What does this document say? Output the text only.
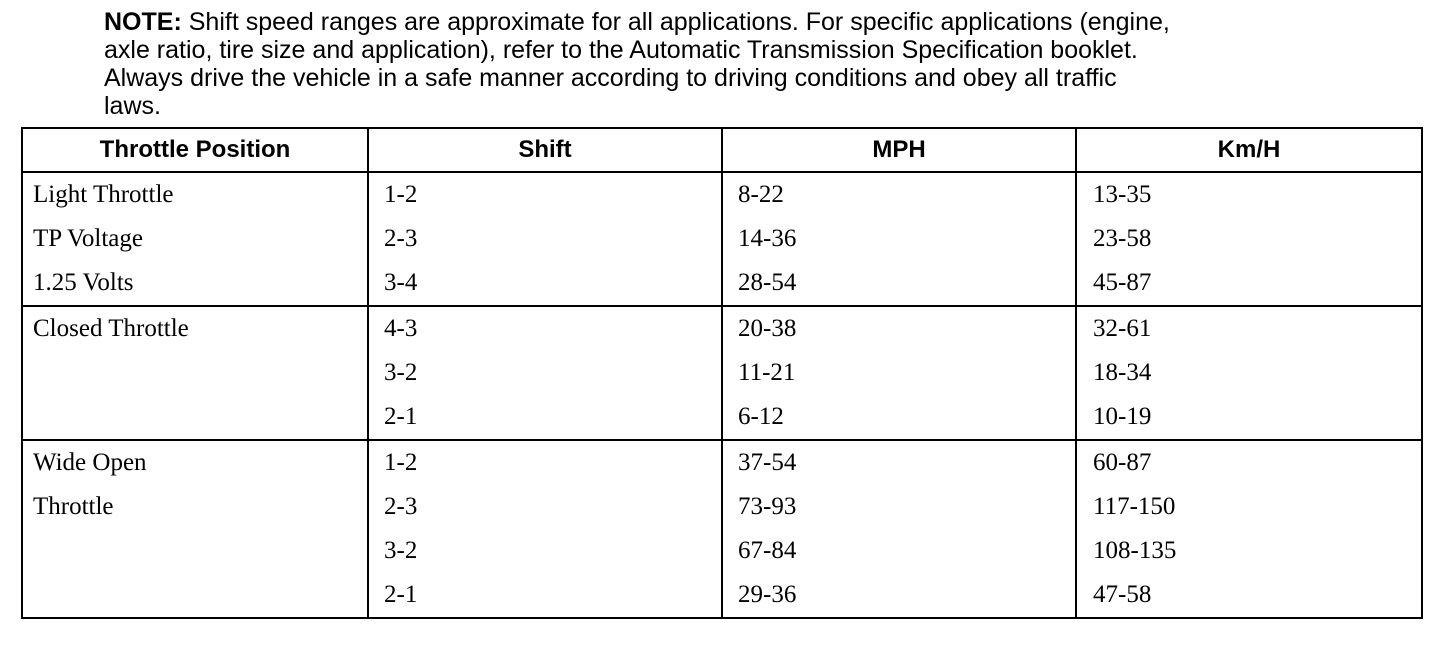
NOTE: Shift speed ranges are approximate for all applications. For specific applications (engine,
axle ratio, tire size and application), refer to the Automatic Transmission Specification booklet.
Always drive the vehicle in a safe manner according to driving conditions and obey all traffic
laws.
Throttle Position	Shift	MPH	Km/H
Light Throttle	1-2	8-22	13-35
TP Voltage	2-3	14-36	23-58
1.25 Volts	3-4	28-54	45-87
Closed Throttle	4-3	20-38	32-61
	3-2	11-21	18-34
	2-1	6-12	10-19
Wide Open	1-2	37-54	60-87
Throttle	2-3	73-93	117-150
	3-2	67-84	108-135
	2-1	29-36	47-58
